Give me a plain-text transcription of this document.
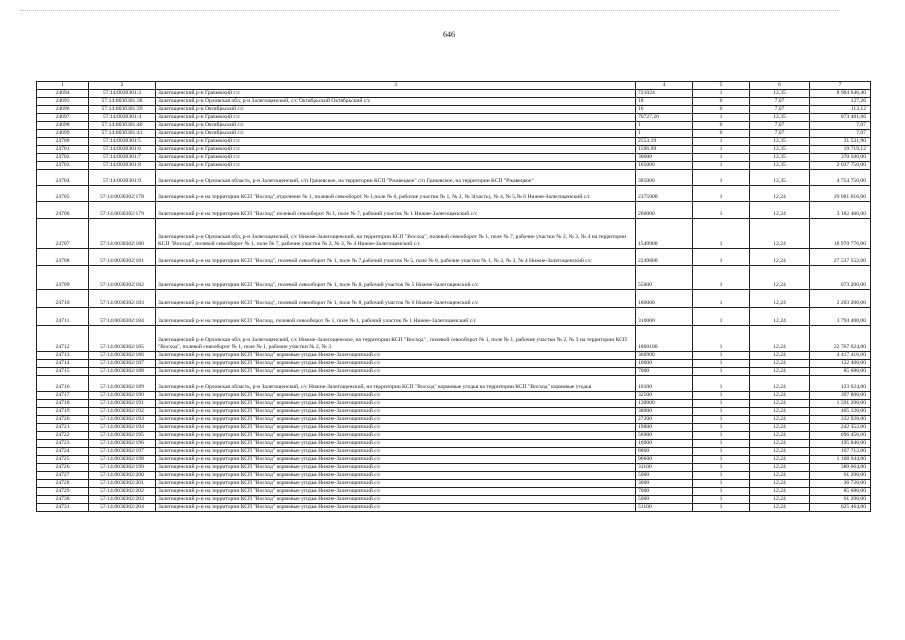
646
1	2	3	4	5	6	7
24694	57:14:0030301:3	Залегощенский р-н Грачевский с/с	721024	1	12,35	8 904 646,40
24695	57:14:0030301:38	Залегощенский р-н Орловская обл, р-н Залегощенский, с/с Октябрьский Октябрьский с/с	18	6	7,07	127,26
24696	57:14:0030301:39	Залегощенский р-н Октябрьский с/с	16	6	7,07	113,12
24697	57:14:0030301:4	Залегощенский р-н Грачевский с/с	70727,26	1	12,35	873 481,66
24698	57:14:0030301:40	Залегощенский р-н Октябрьский с/с	1	6	7,07	7,07
24699	57:14:0030301:41	Залегощенский р-н Октябрьский с/с	1	6	7,07	7,07
24700	57:14:0030301:5	Залегощенский р-н Грачевский с/с	2553,19	1	12,35	31 531,90
24701	57:14:0030301:6	Залегощенский р-н Грачевский с/с	1596,69	1	12,35	19 719,12
24702	57:14:0030301:7	Залегощенский р-н Грачевский с/с	30000	1	12,35	370 500,00
24703	57:14:0030301:8	Залегощенский р-н Грачевский с/с	165000	1	12,35	2 037 750,00
24704	57:14:0030301:9	Залегощенский р-н Орловская область, р-н Залегощенский, с/п Грачевское, на территории КСП "Ржавецкое" с/п Грачевское, на территории КСП "Ржавецкое"	385000	1	12,35	4 754 750,00
24705	57:14:0030302:178	Залегощенский р-н на территории КСП "Восход",отделение № 1, полевой севооборот № 1,поле № 6, рабочие участки № 1, № 2, № 3(часть), № 4, № 5,№ 6 Нижне-Залегощенский с/с	2375900	1	12,24	29 081 016,00
24706	57:14:0030302:179	Залегощенский р-н на территории КСП "Восход" полевой севооборот № 1, поле № 7, рабочий участок № 1 Нижне-Залегощенский с/с	260000	1	12,24	3 182 400,00
24707	57:14:0030302:180	Залегощенский р-н Орловская обл, р-н Залегощенский, с/с Нижне-Залегощенский, на территории КСП "Восход", полевой севооборот № 1, поле № 7, рабочие участки № 2, № 3, № 4 на территории КСП "Восход", полевой севооборот № 1, поле № 7, рабочие участки № 2, № 3, № 4 Нижне-Залегощенский с/с	1549900	1	12,24	18 970 776,00
24708	57:14:0030302:181	Залегощенский р-н на территории КСП "Восход", полевой севооборот № 1, поле № 7,рабочий участок № 5, поле № 8, рабочие участки № 1, № 2, № 3, № 4 Нижне-Залегощенский с/с	2249800	1	12,24	27 537 552,00
24709	57:14:0030302:182	Залегощенский р-н на территории КСП "Восход", полевой севооборот № 1, поле № 8, рабочий участок № 5 Нижне-Залегощенский с/с	55000	1	12,24	673 200,00
24710	57:14:0030302:183	Залегощенский р-н на территории КСП "Восход", полевой севооборот № 1, поле № 8, рабочий участок № 6 Нижне-Залегощенский с/с	180000	1	12,24	2 203 200,00
24711	57:14:0030302:184	Залегощенский р-н на территории КСП "Восход, полевой севооборот № 1, поле № 1, рабочий участок № 1 Нижне-Залегощенский с/с	310000	1	12,24	3 794 400,00
24712	57:14:0030302:185	Залегощенский р-н Орловская обл, р-н Залегощенский, с/с Нижне-Залегощенское, на территории КСП "Восход" , полевой севооборот № 1, поле № 1, рабочие участки № 2, № 3 на территории КСП "Восход", полевой севооборот № 1, поле № 1, рабочие участки № 2, № 3	1860100	1	12,24	22 767 624,00
24713	57:14:0030302:186	Залегощенский р-н на территории КСП "Восход" кормовые угодья Нижне-Залегощенский с/с	360900	1	12,24	4 417 416,00
24714	57:14:0030302:187	Залегощенский р-н на территории КСП "Восход" кормовые угодья Нижне-Залегощенский с/с	10000	1	12,24	122 400,00
24715	57:14:0030302:188	Залегощенский р-н на территории КСП "Восход" кормовые угодья Нижне-Залегощенский с/с	7000	1	12,24	85 680,00
24716	57:14:0030302:189	Залегощенский р-н Орловская область, р-н Залегощенский, с/с Нижне-Залегощенский, на территории КСП "Восход" кормовые угодья на территории КСП "Восход" кормовые угодья	10100	1	12,24	123 624,00
24717	57:14:0030302:190	Залегощенский р-н на территории КСП "Восход" кормовые угодья Нижне-Залегощенский с/с	32500	1	12,24	397 800,00
24718	57:14:0030302:191	Залегощенский р-н на территории КСП "Восход" кормовые угодья Нижне-Залегощенский с/с	130000	1	12,24	1 591 200,00
24719	57:14:0030302:192	Залегощенский р-н на территории КСП "Восход" кормовые угодья Нижне-Залегощенский с/с	38000	1	12,24	465 120,00
24720	57:14:0030302:193	Залегощенский р-н на территории КСП "Восход" кормовые угодья Нижне-Залегощенский с/с	27200	1	12,24	332 928,00
24721	57:14:0030302:194	Залегощенский р-н на территории КСП "Восход" кормовые угодья Нижне-Залегощенский с/с	19800	1	12,24	242 352,00
24722	57:14:0030302:195	Залегощенский р-н на территории КСП "Восход" кормовые угодья Нижне-Залегощенский с/с	56900	1	12,24	696 456,00
24723	57:14:0030302:196	Залегощенский р-н на территории КСП "Восход" кормовые угодья Нижне-Залегощенский с/с	16000	1	12,24	195 840,00
24724	57:14:0030302:197	Залегощенский р-н на территории КСП "Восход" кормовые угодья Нижне-Залегощенский с/с	8800	1	12,24	107 712,00
24725	57:14:0030302:198	Залегощенский р-н на территории КСП "Восход" кормовые угодья Нижне-Залегощенский с/с	90600	1	12,24	1 108 944,00
24726	57:14:0030302:199	Залегощенский р-н на территории КСП "Восход" кормовые угодья Нижне-Залегощенский с/с	31100	1	12,24	380 664,00
24727	57:14:0030302:200	Залегощенский р-н на территории КСП "Восход" кормовые угодья Нижне-Залегощенский с/с	5000	1	12,24	61 200,00
24728	57:14:0030302:201	Залегощенский р-н на территории КСП "Восход" кормовые угодья Нижне-Залегощенский с/с	3000	1	12,24	36 720,00
24729	57:14:0030302:202	Залегощенский р-н на территории КСП "Восход" кормовые угодья Нижне-Залегощенский с/с	7000	1	12,24	85 680,00
24730	57:14:0030302:203	Залегощенский р-н на территории КСП "Восход" кормовые угодья Нижне-Залегощенский с/с	5000	1	12,24	61 200,00
24731	57:14:0030302:204	Залегощенский р-н на территории КСП "Восход" кормовые угодья Нижне-Залегощенский с/с	51100	1	12,24	625 464,00
